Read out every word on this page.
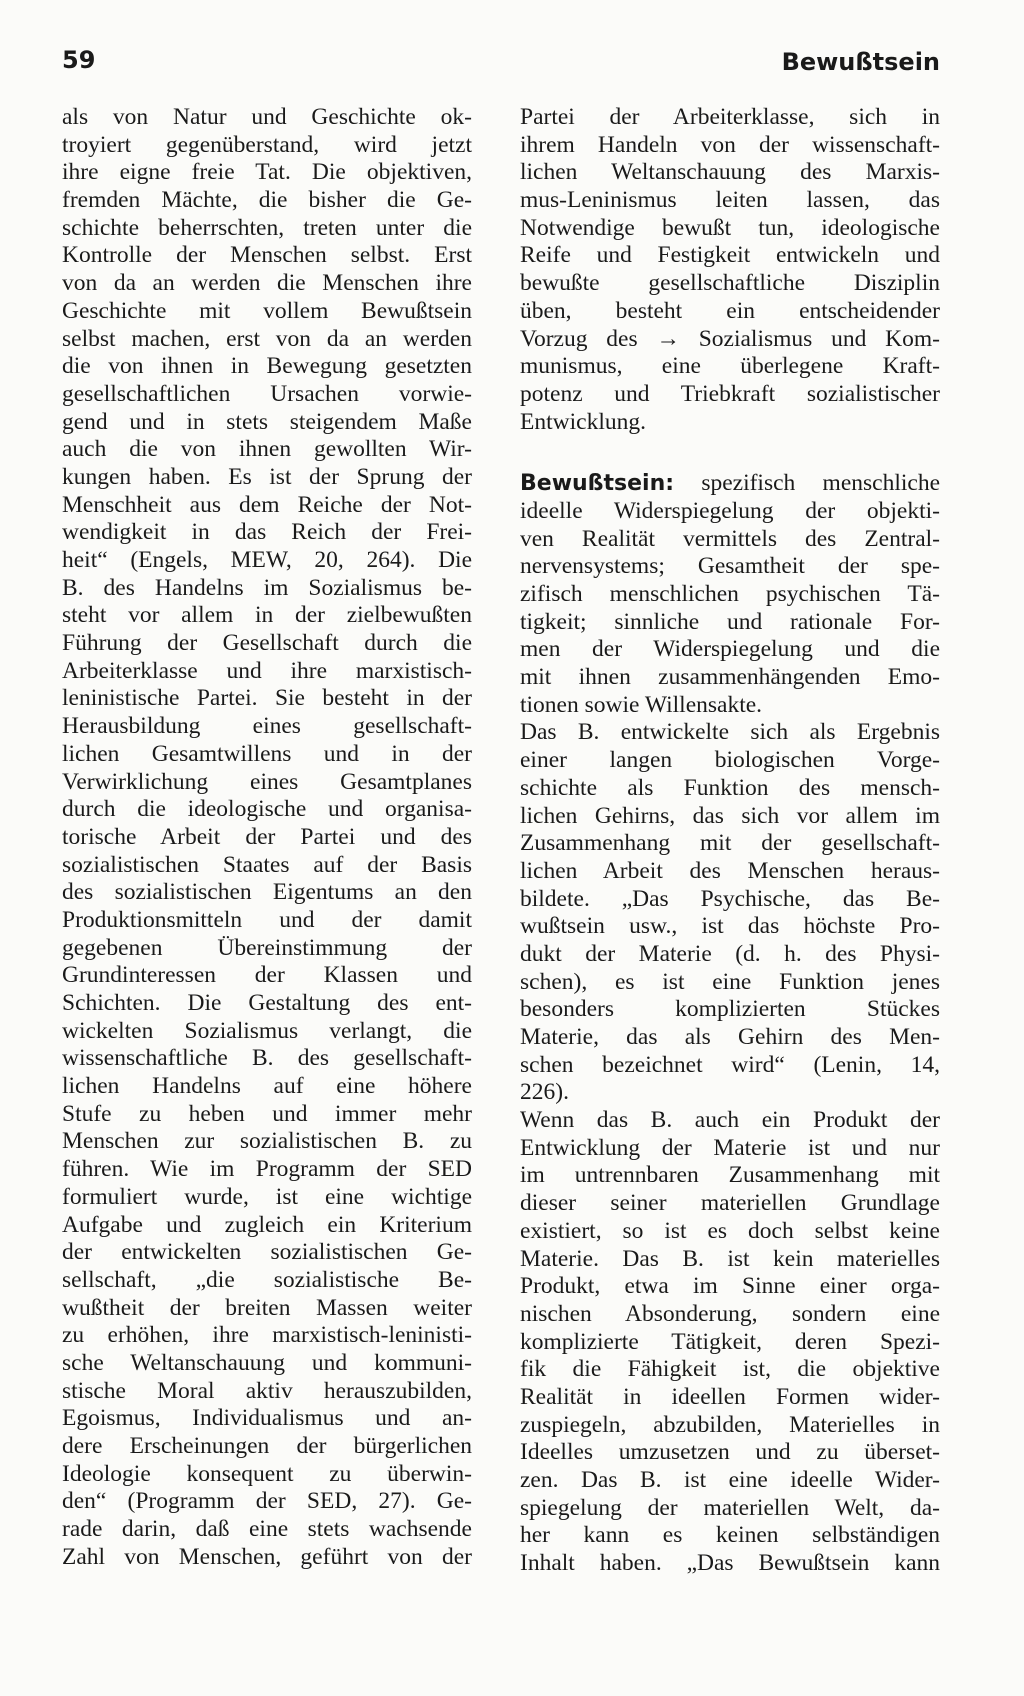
59	Bewußtsein
als von Natur und Geschichte ok-
troyiert gegenüberstand, wird jetzt
ihre eigne freie Tat. Die objektiven,
fremden Mächte, die bisher die Ge-
schichte beherrschten, treten unter die
Kontrolle der Menschen selbst. Erst
von da an werden die Menschen ihre
Geschichte mit vollem Bewußtsein
selbst machen, erst von da an werden
die von ihnen in Bewegung gesetzten
gesellschaftlichen Ursachen vorwie-
gend und in stets steigendem Maße
auch die von ihnen gewollten Wir-
kungen haben. Es ist der Sprung der
Menschheit aus dem Reiche der Not-
wendigkeit in das Reich der Frei-
heit“ (Engels, MEW, 20, 264). Die
B. des Handelns im Sozialismus be-
steht vor allem in der zielbewußten
Führung der Gesellschaft durch die
Arbeiterklasse und ihre marxistisch-
leninistische Partei. Sie besteht in der
Herausbildung eines gesellschaft-
lichen Gesamtwillens und in der
Verwirklichung eines Gesamtplanes
durch die ideologische und organisa-
torische Arbeit der Partei und des
sozialistischen Staates auf der Basis
des sozialistischen Eigentums an den
Produktionsmitteln und der damit
gegebenen Übereinstimmung der
Grundinteressen der Klassen und
Schichten. Die Gestaltung des ent-
wickelten Sozialismus verlangt, die
wissenschaftliche B. des gesellschaft-
lichen Handelns auf eine höhere
Stufe zu heben und immer mehr
Menschen zur sozialistischen B. zu
führen. Wie im Programm der SED
formuliert wurde, ist eine wichtige
Aufgabe und zugleich ein Kriterium
der entwickelten sozialistischen Ge-
sellschaft, „die sozialistische Be-
wußtheit der breiten Massen weiter
zu erhöhen, ihre marxistisch-leninisti-
sche Weltanschauung und kommuni-
stische Moral aktiv herauszubilden,
Egoismus, Individualismus und an-
dere Erscheinungen der bürgerlichen
Ideologie konsequent zu überwin-
den“ (Programm der SED, 27). Ge-
rade darin, daß eine stets wachsende
Zahl von Menschen, geführt von der
Partei der Arbeiterklasse, sich in
ihrem Handeln von der wissenschaft-
lichen Weltanschauung des Marxis-
mus-Leninismus leiten lassen, das
Notwendige bewußt tun, ideologische
Reife und Festigkeit entwickeln und
bewußte gesellschaftliche Disziplin
üben, besteht ein entscheidender
Vorzug des → Sozialismus und Kom-
munismus, eine überlegene Kraft-
potenz und Triebkraft sozialistischer
Entwicklung.
Bewußtsein: spezifisch menschliche
ideelle Widerspiegelung der objekti-
ven Realität vermittels des Zentral-
nervensystems; Gesamtheit der spe-
zifisch menschlichen psychischen Tä-
tigkeit; sinnliche und rationale For-
men der Widerspiegelung und die
mit ihnen zusammenhängenden Emo-
tionen sowie Willensakte.
Das B. entwickelte sich als Ergebnis
einer langen biologischen Vorge-
schichte als Funktion des mensch-
lichen Gehirns, das sich vor allem im
Zusammenhang mit der gesellschaft-
lichen Arbeit des Menschen heraus-
bildete. „Das Psychische, das Be-
wußtsein usw., ist das höchste Pro-
dukt der Materie (d. h. des Physi-
schen), es ist eine Funktion jenes
besonders komplizierten Stückes
Materie, das als Gehirn des Men-
schen bezeichnet wird“ (Lenin, 14,
226).
Wenn das B. auch ein Produkt der
Entwicklung der Materie ist und nur
im untrennbaren Zusammenhang mit
dieser seiner materiellen Grundlage
existiert, so ist es doch selbst keine
Materie. Das B. ist kein materielles
Produkt, etwa im Sinne einer orga-
nischen Absonderung, sondern eine
komplizierte Tätigkeit, deren Spezi-
fik die Fähigkeit ist, die objektive
Realität in ideellen Formen wider-
zuspiegeln, abzubilden, Materielles in
Ideelles umzusetzen und zu überset-
zen. Das B. ist eine ideelle Wider-
spiegelung der materiellen Welt, da-
her kann es keinen selbständigen
Inhalt haben. „Das Bewußtsein kann
